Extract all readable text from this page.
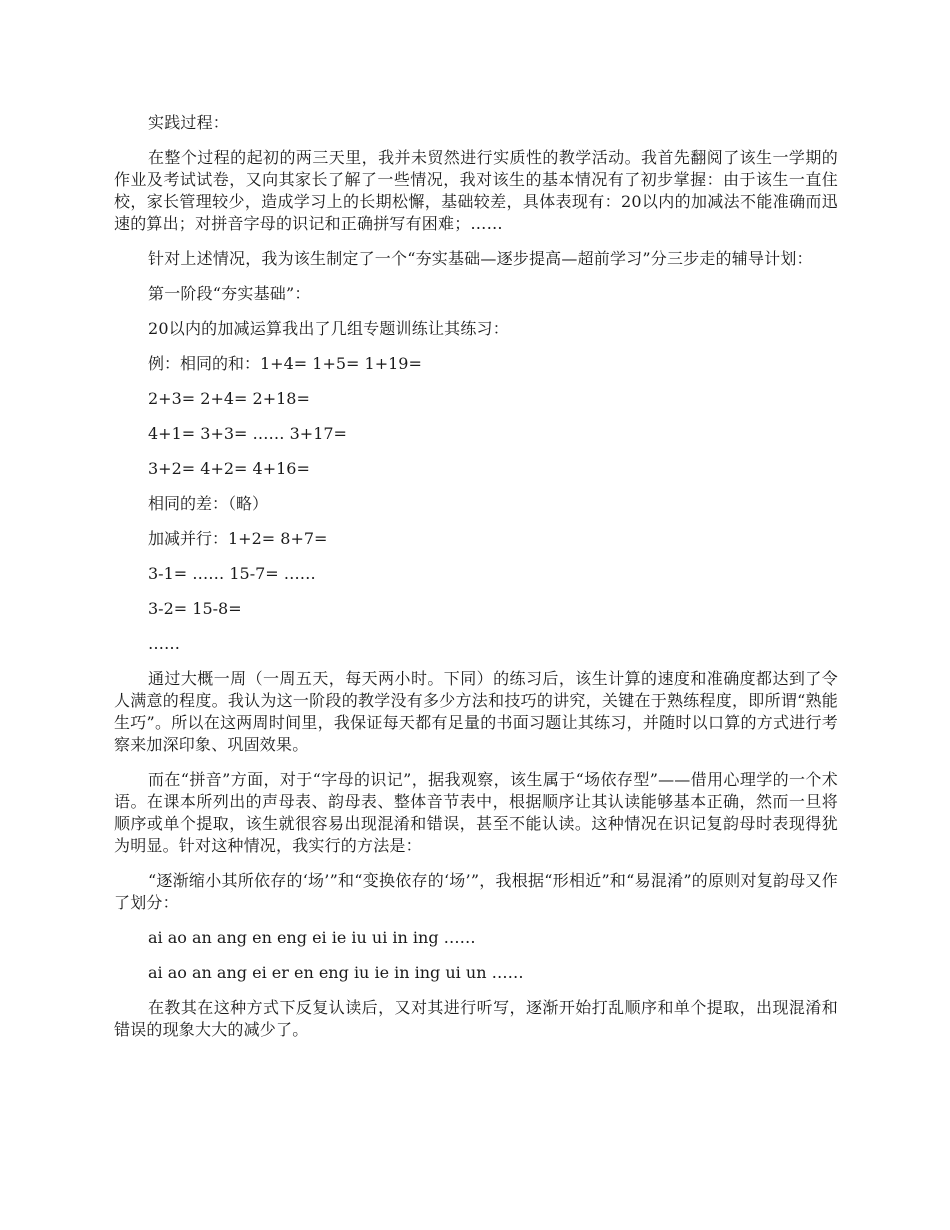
实践过程：

在整个过程的起初的两三天里，我并未贸然进行实质性的教学活动。我首先翻阅了该生一学期的作业及考试试卷，又向其家长了解了一些情况，我对该生的基本情况有了初步掌握：由于该生一直住校，家长管理较少，造成学习上的长期松懈，基础较差，具体表现有：20以内的加减法不能准确而迅速的算出；对拼音字母的识记和正确拼写有困难；……

针对上述情况，我为该生制定了一个“夯实基础—逐步提高—超前学习”分三步走的辅导计划：

第一阶段“夯实基础”：

20以内的加减运算我出了几组专题训练让其练习：

例：相同的和：1+4= 1+5= 1+19=

2+3= 2+4= 2+18=

4+1= 3+3= …… 3+17=

3+2= 4+2= 4+16=

相同的差：（略）

加减并行：1+2= 8+7=

3-1= …… 15-7= ……

3-2= 15-8=

……

通过大概一周（一周五天，每天两小时。下同）的练习后，该生计算的速度和准确度都达到了令人满意的程度。我认为这一阶段的教学没有多少方法和技巧的讲究，关键在于熟练程度，即所谓“熟能生巧”。所以在这两周时间里，我保证每天都有足量的书面习题让其练习，并随时以口算的方式进行考察来加深印象、巩固效果。

而在“拼音”方面，对于“字母的识记”，据我观察，该生属于“场依存型”——借用心理学的一个术语。在课本所列出的声母表、韵母表、整体音节表中，根据顺序让其认读能够基本正确，然而一旦将顺序或单个提取，该生就很容易出现混淆和错误，甚至不能认读。这种情况在识记复韵母时表现得犹为明显。针对这种情况，我实行的方法是：

“逐渐缩小其所依存的‘场’”和“变换依存的‘场’”，我根据“形相近”和“易混淆”的原则对复韵母又作了划分：

ai ao an ang en eng ei ie iu ui in ing ……

ai ao an ang ei er en eng iu ie in ing ui un ……

在教其在这种方式下反复认读后，又对其进行听写，逐渐开始打乱顺序和单个提取，出现混淆和错误的现象大大的减少了。
